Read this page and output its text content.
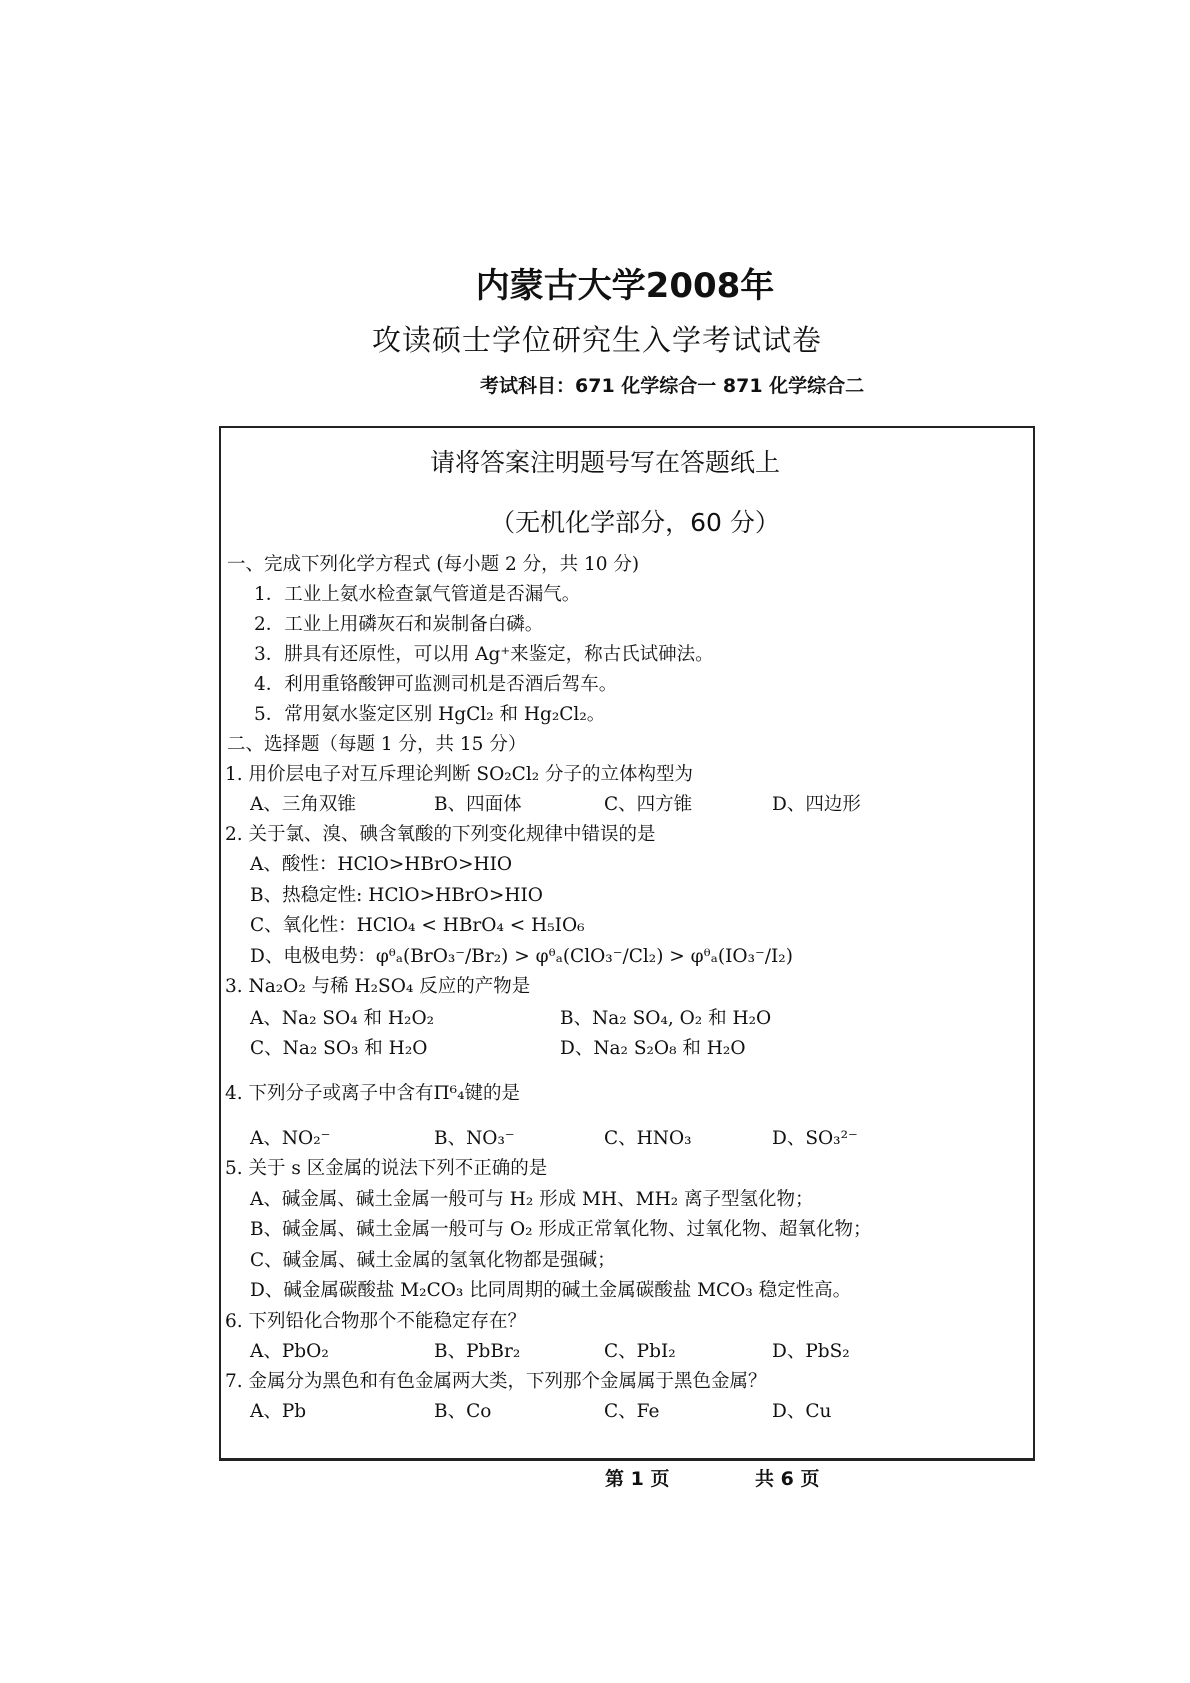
内蒙古大学2008年
攻读硕士学位研究生入学考试试卷
考试科目：671 化学综合一 871 化学综合二
请将答案注明题号写在答题纸上
（无机化学部分，60 分）
一、完成下列化学方程式 (每小题 2 分，共 10 分)
1．工业上氨水检查氯气管道是否漏气。
2．工业上用磷灰石和炭制备白磷。
3．肼具有还原性，可以用 Ag⁺来鉴定，称古氏试砷法。
4．利用重铬酸钾可监测司机是否酒后驾车。
5．常用氨水鉴定区别 HgCl₂ 和 Hg₂Cl₂。
二、选择题（每题 1 分，共 15 分）
1. 用价层电子对互斥理论判断 SO₂Cl₂ 分子的立体构型为
A、三角双锥	B、四面体	C、四方锥	D、四边形
2. 关于氯、溴、碘含氧酸的下列变化规律中错误的是
A、酸性：HClO>HBrO>HIO
B、热稳定性: HClO>HBrO>HIO
C、氧化性：HClO₄ < HBrO₄ < H₅IO₆
D、电极电势：φᶿₐ(BrO₃⁻/Br₂) > φᶿₐ(ClO₃⁻/Cl₂) > φᶿₐ(IO₃⁻/I₂)
3. Na₂O₂ 与稀 H₂SO₄ 反应的产物是
A、Na₂ SO₄ 和 H₂O₂	B、Na₂ SO₄, O₂ 和 H₂O
C、Na₂ SO₃ 和 H₂O	D、Na₂ S₂O₈ 和 H₂O
4. 下列分子或离子中含有Π⁶₄键的是
A、NO₂⁻	B、NO₃⁻	C、HNO₃	D、SO₃²⁻
5. 关于 s 区金属的说法下列不正确的是
A、碱金属、碱土金属一般可与 H₂ 形成 MH、MH₂ 离子型氢化物；
B、碱金属、碱土金属一般可与 O₂ 形成正常氧化物、过氧化物、超氧化物；
C、碱金属、碱土金属的氢氧化物都是强碱；
D、碱金属碳酸盐 M₂CO₃ 比同周期的碱土金属碳酸盐 MCO₃ 稳定性高。
6. 下列铅化合物那个不能稳定存在？
A、PbO₂	B、PbBr₂	C、PbI₂	D、PbS₂
7. 金属分为黑色和有色金属两大类，下列那个金属属于黑色金属？
A、Pb	B、Co	C、Fe	D、Cu
第 1 页	共 6 页
